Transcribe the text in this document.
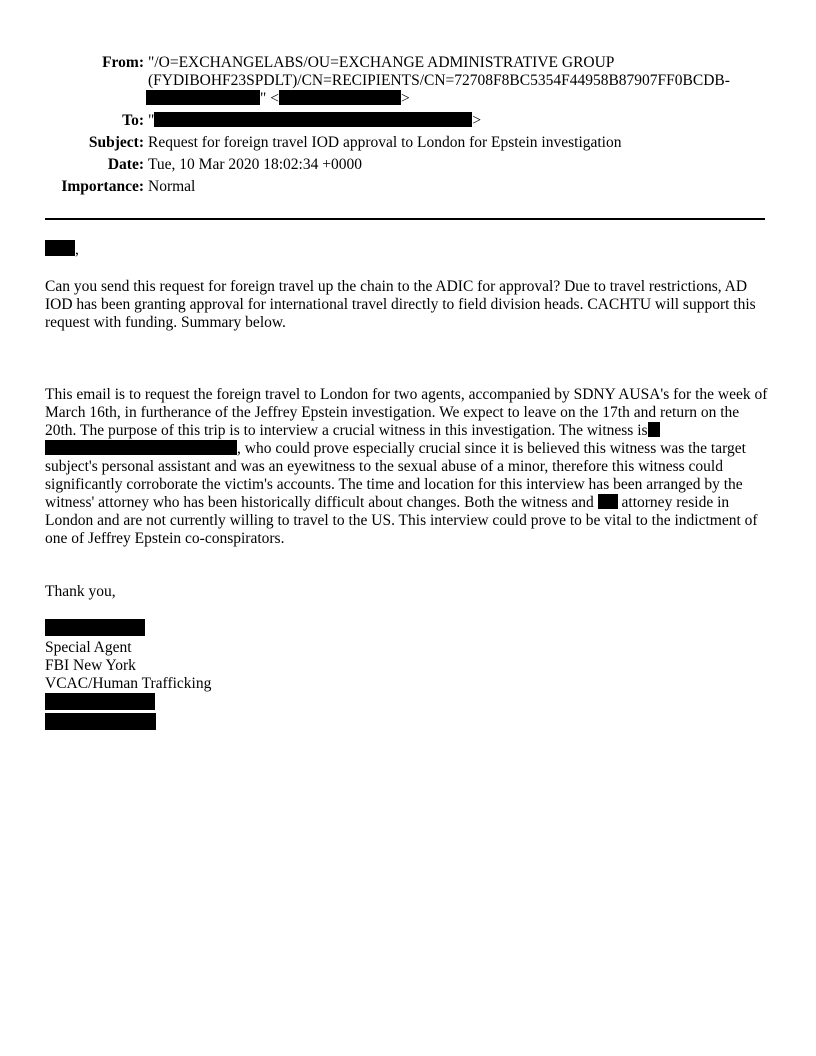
From: "/O=EXCHANGELABS/OU=EXCHANGE ADMINISTRATIVE GROUP
(FYDIBOHF23SPDLT)/CN=RECIPIENTS/CN=72708F8BC5354F44958B87907FF0BCDB-
" <	>
To: "	>
Subject: Request for foreign travel IOD approval to London for Epstein investigation
Date: Tue, 10 Mar 2020 18:02:34 +0000
Importance: Normal
,

Can you send this request for foreign travel up the chain to the ADIC for approval? Due to travel restrictions, AD IOD has been granting approval for international travel directly to field division heads. CACHTU will support this request with funding. Summary below.

This email is to request the foreign travel to London for two agents, accompanied by SDNY AUSA's for the week of March 16th, in furtherance of the Jeffrey Epstein investigation. We expect to leave on the 17th and return on the 20th. The purpose of this trip is to interview a crucial witness in this investigation. The witness is , who could prove especially crucial since it is believed this witness was the target subject's personal assistant and was an eyewitness to the sexual abuse of a minor, therefore this witness could significantly corroborate the victim's accounts. The time and location for this interview has been arranged by the witness' attorney who has been historically difficult about changes. Both the witness and attorney reside in London and are not currently willing to travel to the US. This interview could prove to be vital to the indictment of one of Jeffrey Epstein co-conspirators.

Thank you,

Special Agent
FBI New York
VCAC/Human Trafficking
